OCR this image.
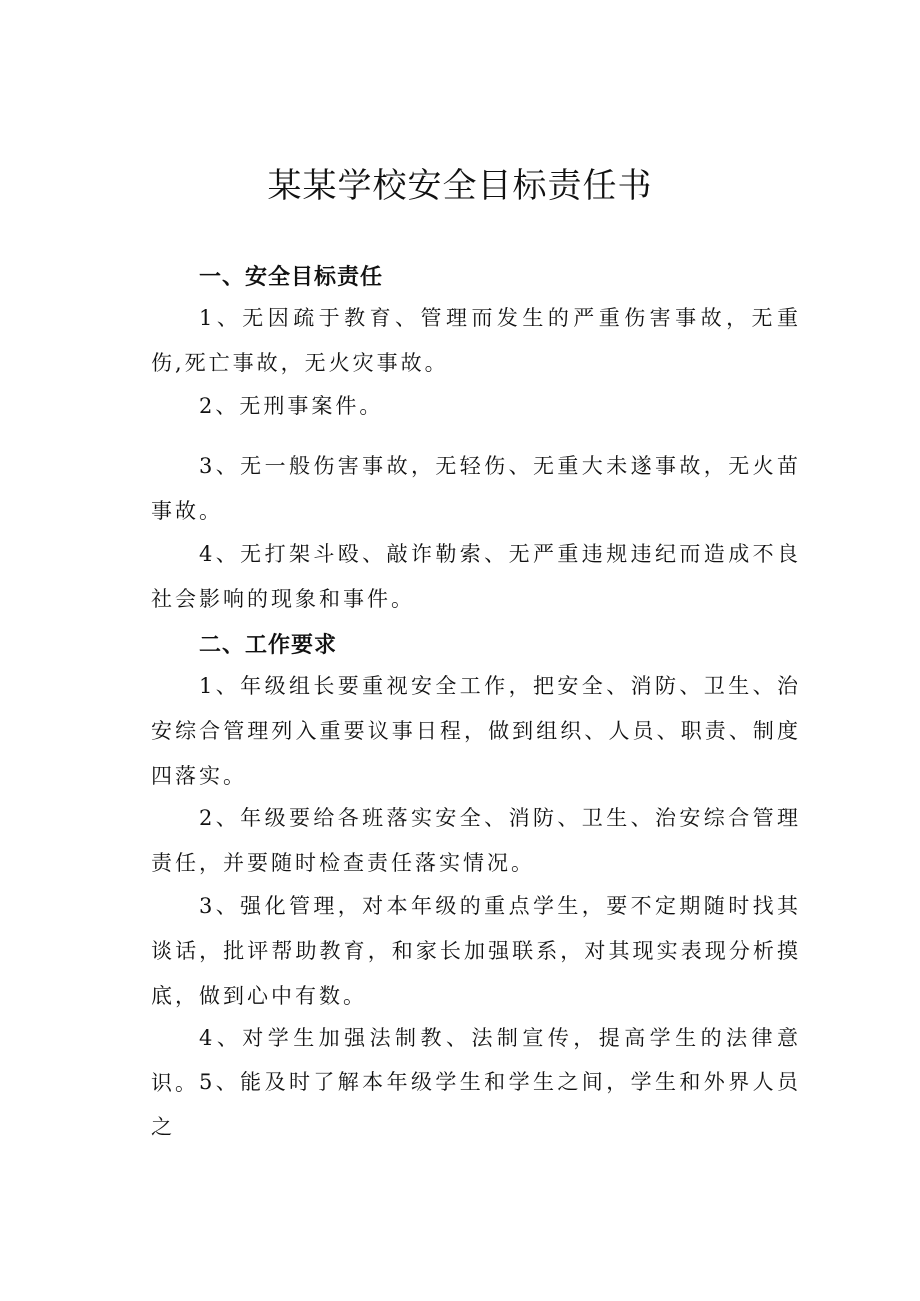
某某学校安全目标责任书
一、安全目标责任

1、无因疏于教育、管理而发生的严重伤害事故，无重伤,死亡事故，无火灾事故。

2、无刑事案件。

3、无一般伤害事故，无轻伤、无重大未遂事故，无火苗事故。

4、无打架斗殴、敲诈勒索、无严重违规违纪而造成不良社会影响的现象和事件。

二、工作要求

1、年级组长要重视安全工作，把安全、消防、卫生、治安综合管理列入重要议事日程，做到组织、人员、职责、制度四落实。

2、年级要给各班落实安全、消防、卫生、治安综合管理责任，并要随时检查责任落实情况。

3、强化管理，对本年级的重点学生，要不定期随时找其谈话，批评帮助教育，和家长加强联系，对其现实表现分析摸底，做到心中有数。

4、对学生加强法制教、法制宣传，提高学生的法律意识。 5、能及时了解本年级学生和学生之间，学生和外界人员之
